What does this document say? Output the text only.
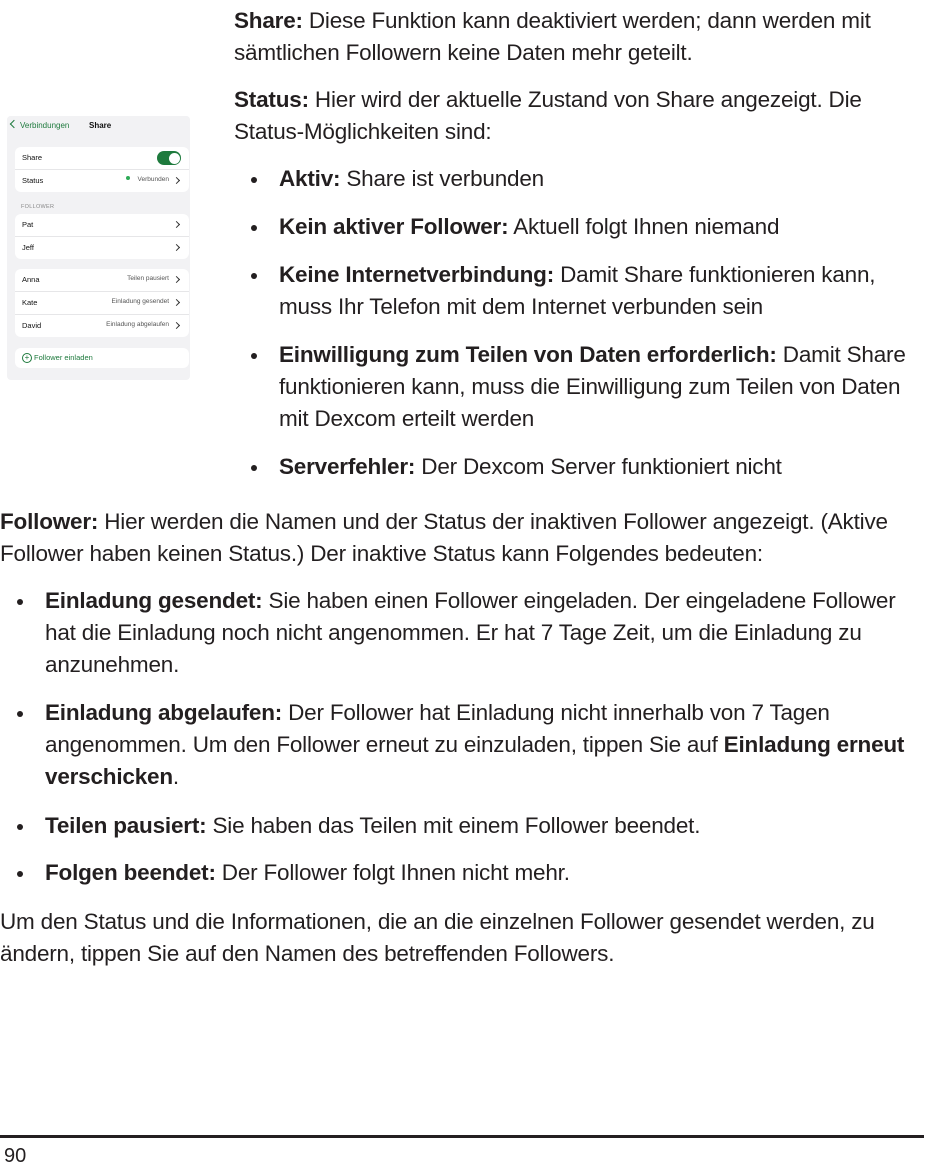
Verbindungen Share
Share
Status	Verbunden
FOLLOWER
Pat
Jeff
Anna	Teilen pausiert
Kate	Einladung gesendet
David	Einladung abgelaufen
+ Follower einladen

Share: Diese Funktion kann deaktiviert werden; dann werden mit sämtlichen Followern keine Daten mehr geteilt.

Status: Hier wird der aktuelle Zustand von Share angezeigt. Die Status-Möglichkeiten sind:

Aktiv: Share ist verbunden

Kein aktiver Follower: Aktuell folgt Ihnen niemand

Keine Internetverbindung: Damit Share funktionieren kann, muss Ihr Telefon mit dem Internet verbunden sein

Einwilligung zum Teilen von Daten erforderlich: Damit Share funktionieren kann, muss die Einwilligung zum Teilen von Daten mit Dexcom erteilt werden

Serverfehler: Der Dexcom Server funktioniert nicht

Follower: Hier werden die Namen und der Status der inaktiven Follower angezeigt. (Aktive Follower haben keinen Status.) Der inaktive Status kann Folgendes bedeuten:

Einladung gesendet: Sie haben einen Follower eingeladen. Der eingeladene Follower hat die Einladung noch nicht angenommen. Er hat 7 Tage Zeit, um die Einladung zu anzunehmen.

Einladung abgelaufen: Der Follower hat Einladung nicht innerhalb von 7 Tagen angenommen. Um den Follower erneut zu einzuladen, tippen Sie auf Einladung erneut verschicken.

Teilen pausiert: Sie haben das Teilen mit einem Follower beendet.

Folgen beendet: Der Follower folgt Ihnen nicht mehr.

Um den Status und die Informationen, die an die einzelnen Follower gesendet werden, zu ändern, tippen Sie auf den Namen des betreffenden Followers.

90
